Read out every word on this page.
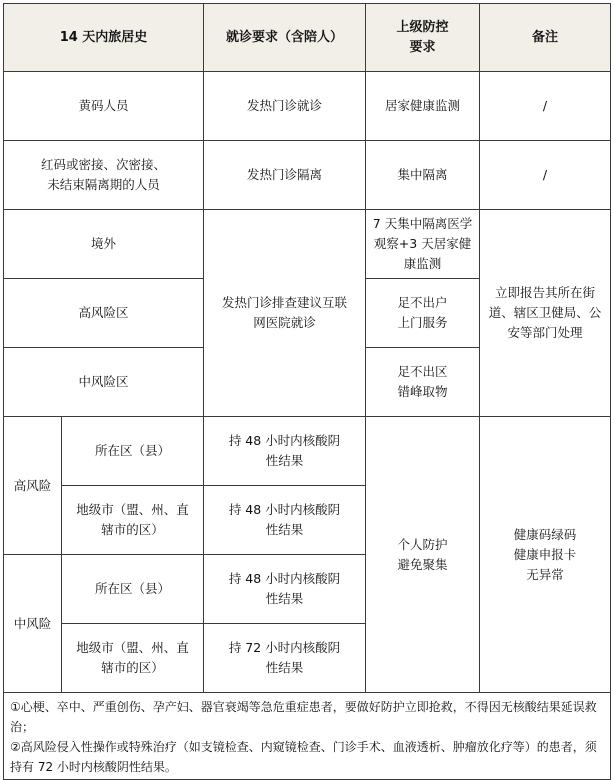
14 天内旅居史		就诊要求（含陪人）	上级防控要求	备注
黄码人员		发热门诊就诊	居家健康监测	/

红码或密接、次密接、未结束隔离期的人员		发热门诊隔离	集中隔离	/
境外		发热门诊排查建议互联网医院就诊	7 天集中隔离医学观察+3 天居家健康监测	立即报告其所在街道、辖区卫健局、公安等部门处理

高风险区			足不出户上门服务	

中风险区			足不出区错峰取物	

高风险	所在区（县）	持 48 小时内核酸阴性结果	个人防护避免聚集	健康码绿码健康申报卡无异常

	地级市（盟、州、直辖市的区）	持 48 小时内核酸阴性结果		

中风险	所在区（县）	持 48 小时内核酸阴性结果		

	地级市（盟、州、直辖市的区）	持 72 小时内核酸阴性结果		

①心梗、卒中、严重创伤、孕产妇、器官衰竭等急危重症患者，要做好防护立即抢救，不得因无核酸结果延误救治；
②高风险侵入性操作或特殊治疗（如支镜检查、内窥镜检查、门诊手术、血液透析、肿瘤放化疗等）的患者，须持有 72 小时内核酸阴性结果。				
